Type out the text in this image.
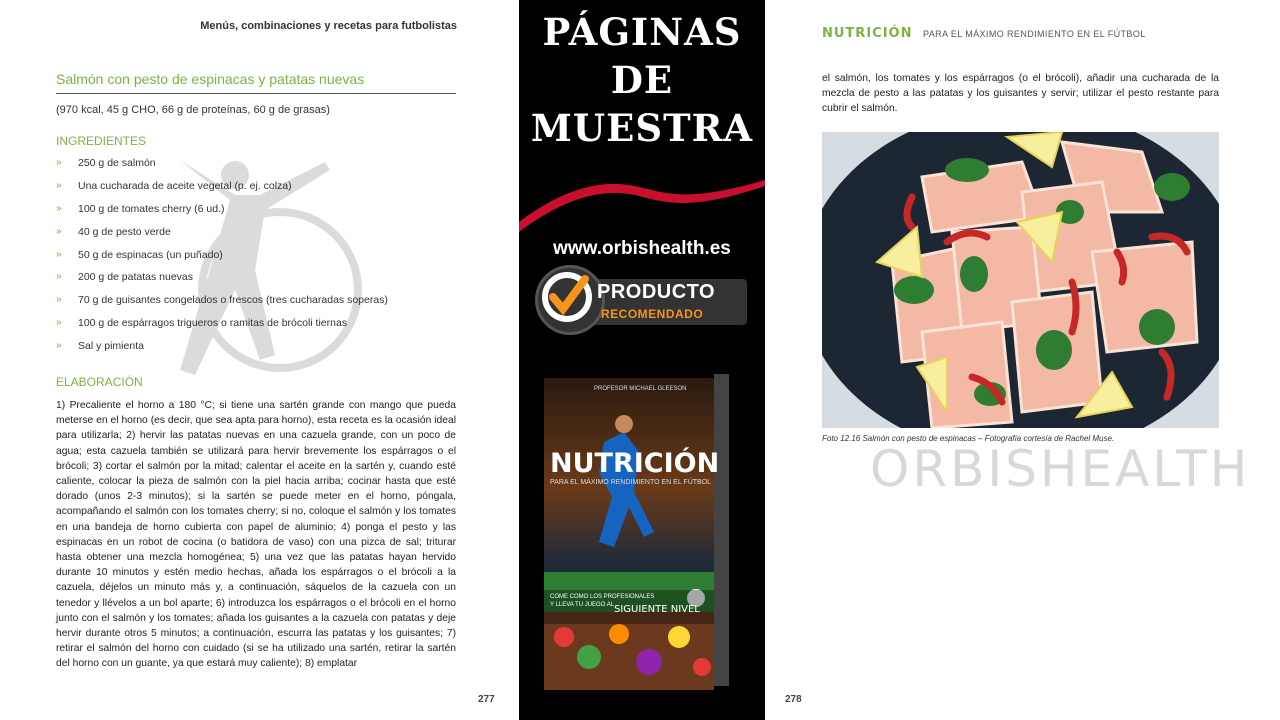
Menús, combinaciones y recetas para futbolistas
Salmón con pesto de espinacas y patatas nuevas
(970 kcal, 45 g CHO, 66 g de proteínas, 60 g de grasas)
INGREDIENTES
» 250 g de salmón
» Una cucharada de aceite vegetal (p. ej. colza)
» 100 g de tomates cherry (6 ud.)
» 40 g de pesto verde
» 50 g de espinacas (un puñado)
» 200 g de patatas nuevas
» 70 g de guisantes congelados o frescos (tres cucharadas soperas)
» 100 g de espárragos trigueros o ramitas de brócoli tiernas
» Sal y pimienta
ELABORACIÓN

1) Precaliente el horno a 180 °C; si tiene una sartén grande con mango que pueda meterse en el horno (es decir, que sea apta para horno), esta receta es la ocasión ideal para utilizarla; 2) hervir las patatas nuevas en una cazuela grande, con un poco de agua; esta cazuela también se utilizará para hervir brevemente los espárragos o el brócoli; 3) cortar el salmón por la mitad; calentar el aceite en la sartén y, cuando esté caliente, colocar la pieza de salmón con la piel hacia arriba; cocinar hasta que esté dorado (unos 2-3 minutos); si la sartén se puede meter en el horno, póngala, acompañando el salmón con los tomates cherry; si no, coloque el salmón y los tomates en una bandeja de horno cubierta con papel de aluminio; 4) ponga el pesto y las espinacas en un robot de cocina (o batidora de vaso) con una pizca de sal; triturar hasta obtener una mezcla homogénea; 5) una vez que las patatas hayan hervido durante 10 minutos y estén medio hechas, añada los espárragos o el brócoli a la cazuela, déjelos un minuto más y, a continuación, sáquelos de la cazuela con un tenedor y llévelos a un bol aparte; 6) introduzca los espárragos o el brócoli en el horno junto con el salmón y los tomates; añada los guisantes a la cazuela con patatas y deje hervir durante otros 5 minutos; a continuación, escurra las patatas y los guisantes; 7) retirar el salmón del horno con cuidado (si se ha utilizado una sartén, retirar la sartén del horno con un guante, ya que estará muy caliente); 8) emplatar

277
PÁGINAS
DE
MUESTRA
www.orbishealth.es
PRODUCTO
RECOMENDADO
PROFESOR MICHAEL GLEESON
NUTRICIÓN
PARA EL MÁXIMO RENDIMIENTO EN EL FÚTBOL
COME COMO LOS PROFESIONALES
Y LLEVA TU JUEGO AL SIGUIENTE NIVEL
NUTRICIÓN PARA EL MÁXIMO RENDIMIENTO EN EL FÚTBOL

el salmón, los tomates y los espárragos (o el brócoli), añadir una cucharada de la mezcla de pesto a las patatas y los guisantes y servir; utilizar el pesto restante para cubrir el salmón.

Foto 12.16 Salmón con pesto de espinacas – Fotografía cortesía de Rachel Muse.
ORBISHEALTH
278
